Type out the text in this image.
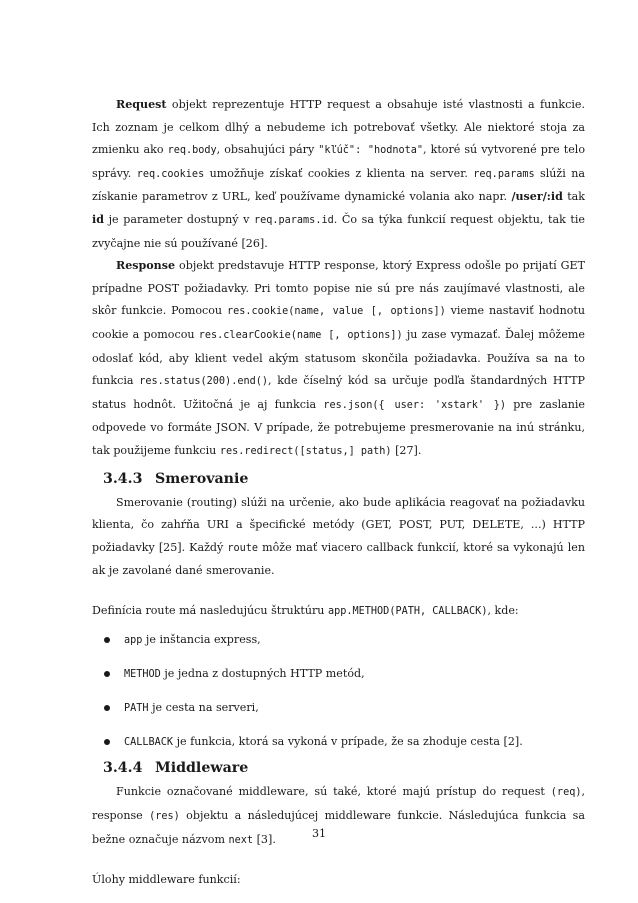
Request objekt reprezentuje HTTP request a obsahuje isté vlastnosti a funkcie. Ich zoznam je celkom dlhý a nebudeme ich potrebovať všetky. Ale niektoré stoja za zmienku ako req.body, obsahujúci páry "kľúč": "hodnota", ktoré sú vytvorené pre telo správy. req.cookies umožňuje získať cookies z klienta na server. req.params slúži na získanie parametrov z URL, keď používame dynamické volania ako napr. /user/:id tak id je parameter dostupný v req.params.id. Čo sa týka funkcií request objektu, tak tie zvyčajne nie sú používané [26].

Response objekt predstavuje HTTP response, ktorý Express odošle po prijatí GET prípadne POST požiadavky. Pri tomto popise nie sú pre nás zaujímavé vlastnosti, ale skôr funkcie. Pomocou res.cookie(name, value [, options]) vieme nastaviť hodnotu cookie a pomocou res.clearCookie(name [, options]) ju zase vymazať. Ďalej môžeme odoslať kód, aby klient vedel akým statusom skončila požiadavka. Používa sa na to funkcia res.status(200).end(), kde číselný kód sa určuje podľa štandardných HTTP status hodnôt. Užitočná je aj funkcia res.json({ user: 'xstark' }) pre zaslanie odpovede vo formáte JSON. V prípade, že potrebujeme presmerovanie na inú stránku, tak použijeme funkciu res.redirect([status,] path) [27].

3.4.3 Smerovanie

Smerovanie (routing) slúži na určenie, ako bude aplikácia reagovať na požiadavku klienta, čo zahŕňa URI a špecifické metódy (GET, POST, PUT, DELETE, ...) HTTP požiadavky [25]. Každý route môže mať viacero callback funkcií, ktoré sa vykonajú len ak je zavolané dané smerovanie.

Definícia route má nasledujúcu štruktúru app.METHOD(PATH, CALLBACK), kde:

app je inštancia express,
METHOD je jedna z dostupných HTTP metód,
PATH je cesta na serveri,
CALLBACK je funkcia, ktorá sa vykoná v prípade, že sa zhoduje cesta [2].
3.4.4 Middleware

Funkcie označované middleware, sú také, ktoré majú prístup do request (req), response (res) objektu a následujúcej middleware funkcie. Následujúca funkcia sa bežne označuje názvom next [3].

Úlohy middleware funkcií:

31
